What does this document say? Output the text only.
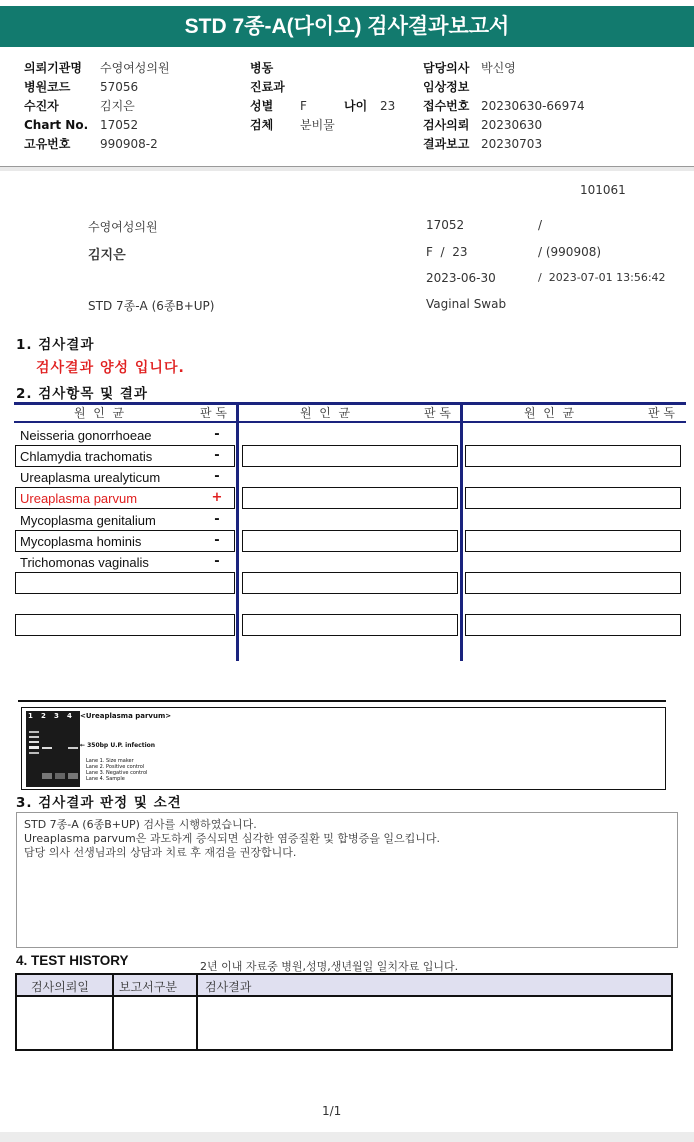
STD 7종-A(다이오) 검사결과보고서
의뢰기관명 수영여성의원
병원코드 57056
수진자	김지은
Chart No. 17052
고유번호 990908-2
병동
진료과
성별 F	나이 23
검체 분비물
담당의사 박신영
임상정보
접수번호 20230630-66974
검사의뢰 20230630
결과보고 20230703
101061
수영여성의원	17052	/
김지은	F  /  23	/ (990908)
2023-06-30	/  2023-07-01 13:56:42
STD 7종-A (6종B+UP)	Vaginal Swab
1. 검사결과
검사결과 양성 입니다.
2. 검사항목 및 결과
원  인  균	판 독	원  인  균	판 독	원  인  균	판 독
Neisseria gonorrhoeae	-
Chlamydia trachomatis	-
Ureaplasma urealyticum	-
Ureaplasma parvum	+
Mycoplasma genitalium	-
Mycoplasma hominis	-
Trichomonas vaginalis	-
1 2 3 4 <Ureaplasma parvum>
← 350bp U.P. infection
Lane 1. Size maker
Lane 2. Positive control
Lane 3. Negative control
Lane 4. Sample
3. 검사결과 판정 및 소견
STD 7종-A (6종B+UP) 검사를 시행하였습니다.
Ureaplasma parvum은 과도하게 증식되면 심각한 염증질환 및 합병증을 일으킵니다.
담당 의사 선생님과의 상담과 치료 후 재검을 권장합니다.
4. TEST HISTORY	2년 이내 자료중 병원,성명,생년월일 일치자료 입니다.
검사의뢰일	보고서구분 검사결과
1/1
